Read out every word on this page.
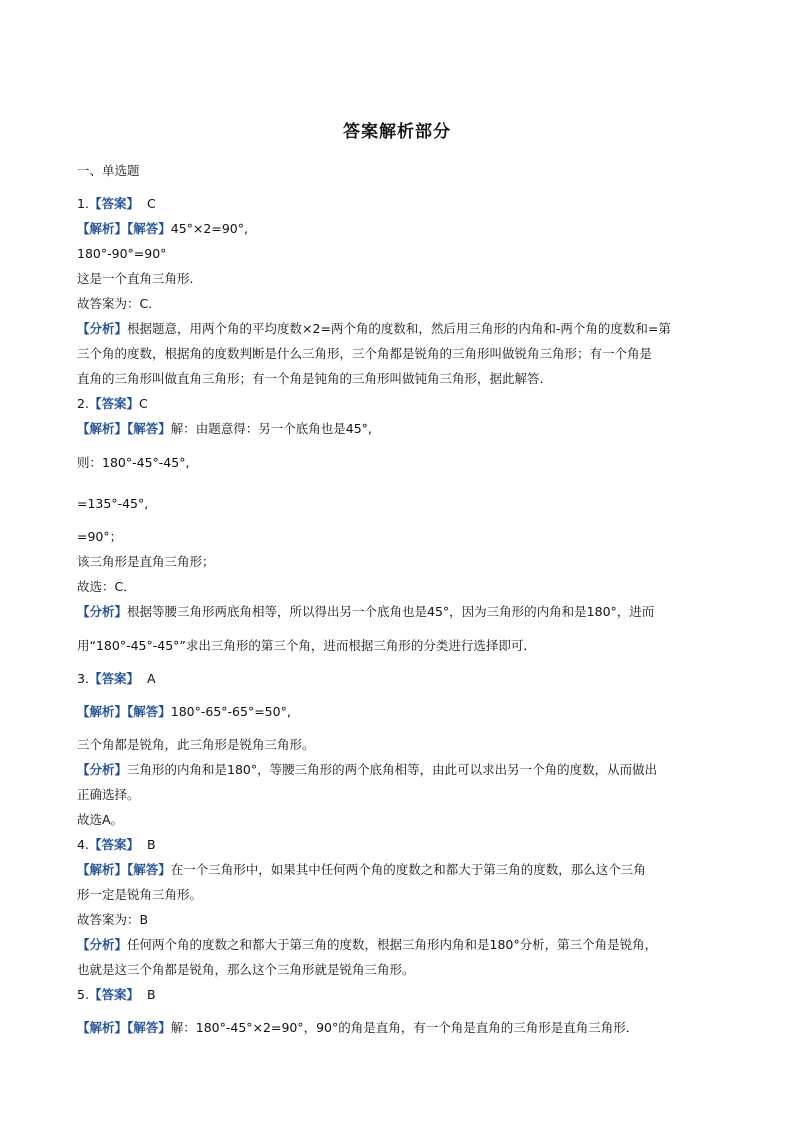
答案解析部分
一、单选题
1.【答案】 C
【解析】【解答】45°×2=90°,
180°-90°=90°
这是一个直角三角形.
故答案为：C.
【分析】根据题意，用两个角的平均度数×2=两个角的度数和，然后用三角形的内角和-两个角的度数和=第
三个角的度数，根据角的度数判断是什么三角形，三个角都是锐角的三角形叫做锐角三角形；有一个角是
直角的三角形叫做直角三角形；有一个角是钝角的三角形叫做钝角三角形，据此解答.
2.【答案】C
【解析】【解答】解：由题意得：另一个底角也是45°,
则：180°-45°-45°,
=135°-45°,
=90°；
该三角形是直角三角形；
故选：C．
【分析】根据等腰三角形两底角相等，所以得出另一个底角也是45°，因为三角形的内角和是180°，进而
用“180°-45°-45°”求出三角形的第三个角，进而根据三角形的分类进行选择即可．
3.【答案】 A
【解析】【解答】180°-65°-65°=50°,
三个角都是锐角，此三角形是锐角三角形。
【分析】三角形的内角和是180°，等腰三角形的两个底角相等，由此可以求出另一个角的度数，从而做出
正确选择。
故选A。
4.【答案】 B
【解析】【解答】在一个三角形中，如果其中任何两个角的度数之和都大于第三角的度数，那么这个三角
形一定是锐角三角形。
故答案为：B
【分析】任何两个角的度数之和都大于第三角的度数，根据三角形内角和是180°分析，第三个角是锐角，
也就是这三个角都是锐角，那么这个三角形就是锐角三角形。
5.【答案】 B
【解析】【解答】解：180°-45°×2=90°，90°的角是直角，有一个角是直角的三角形是直角三角形．
